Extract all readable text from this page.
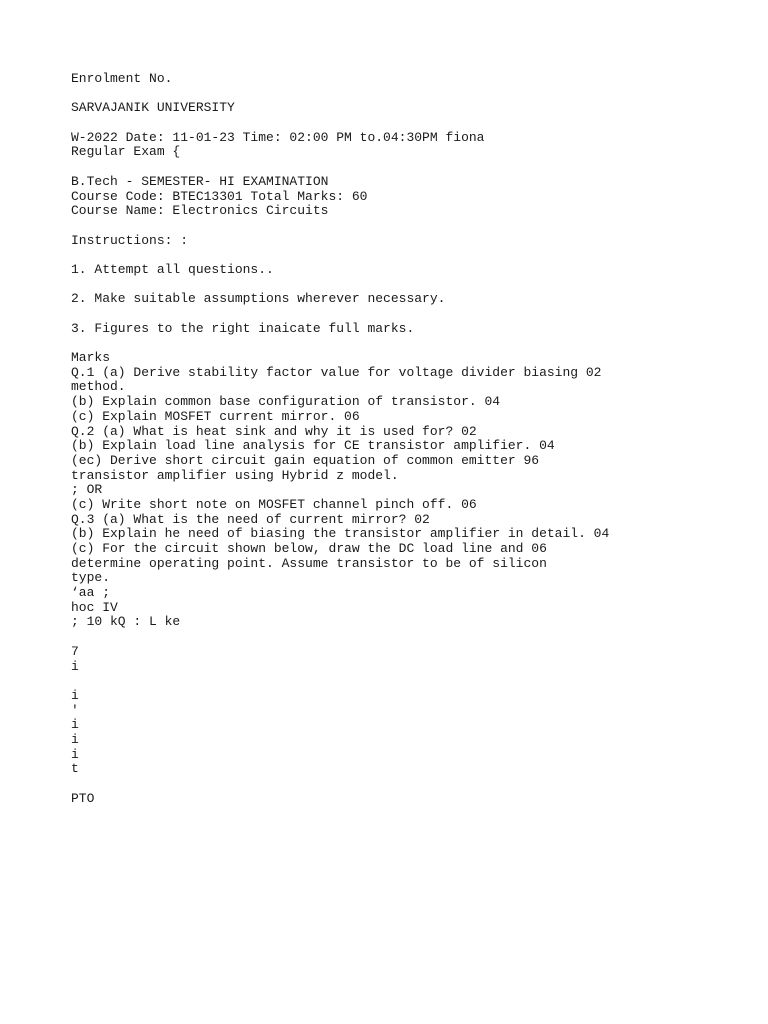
Enrolment No.
SARVAJANIK UNIVERSITY
W-2022 Date: 11-01-23 Time: 02:00 PM to.04:30PM fiona
Regular Exam {
B.Tech - SEMESTER- HI EXAMINATION
Course Code: BTEC13301 Total Marks: 60
Course Name: Electronics Circuits
Instructions: :
1. Attempt all questions..
2. Make suitable assumptions wherever necessary.
3. Figures to the right inaicate full marks.
Marks
Q.1 (a) Derive stability factor value for voltage divider biasing 02
method.
(b) Explain common base configuration of transistor. 04
(c) Explain MOSFET current mirror. 06
Q.2 (a) What is heat sink and why it is used for? 02
(b) Explain load line analysis for CE transistor amplifier. 04
(ec) Derive short circuit gain equation of common emitter 96
transistor amplifier using Hybrid z model.
; OR
(c) Write short note on MOSFET channel pinch off. 06
Q.3 (a) What is the need of current mirror? 02
(b) Explain he need of biasing the transistor amplifier in detail. 04
(c) For the circuit shown below, draw the DC load line and 06
determine operating point. Assume transistor to be of silicon
type.
‘aa ;
hoc IV
; 10 kQ : L ke
7
i
i
'
i
i
i
t
PTO
